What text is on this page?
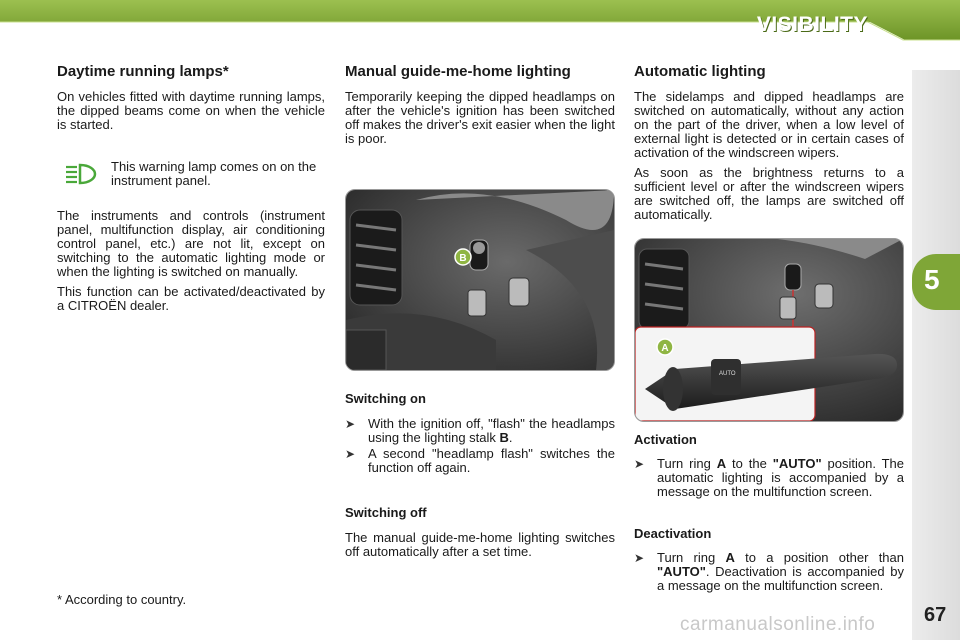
VISIBILITY
5
Daytime running lamps*

On vehicles fitted with daytime running lamps, the dipped beams come on when the vehicle is started.

This warning lamp comes on on the instrument panel.

The instruments and controls (instrument panel, multifunction display, air conditioning control panel, etc.) are not lit, except on switching to the automatic lighting mode or when the lighting is switched on manually.

This function can be activated/deactivated by a CITROËN dealer.

* According to country.
Manual guide-me-home lighting

Temporarily keeping the dipped headlamps on after the vehicle's ignition has been switched off makes the driver's exit easier when the light is poor.

B
Switching on
➤ With the ignition off, "flash" the headlamps using the lighting stalk B.
➤ A second "headlamp flash" switches the function off again.
Switching off

The manual guide-me-home lighting switches off automatically after a set time.

Automatic lighting

The sidelamps and dipped headlamps are switched on automatically, without any action on the part of the driver, when a low level of external light is detected or in certain cases of activation of the windscreen wipers.

As soon as the brightness returns to a sufficient level or after the windscreen wipers are switched off, the lamps are switched off automatically.

AUTO
A
Activation
➤ Turn ring A to the "AUTO" position. The automatic lighting is accompanied by a message on the multifunction screen.
Deactivation
➤ Turn ring A to a position other than "AUTO". Deactivation is accompanied by a message on the multifunction screen.
carmanualsonline.info 67
